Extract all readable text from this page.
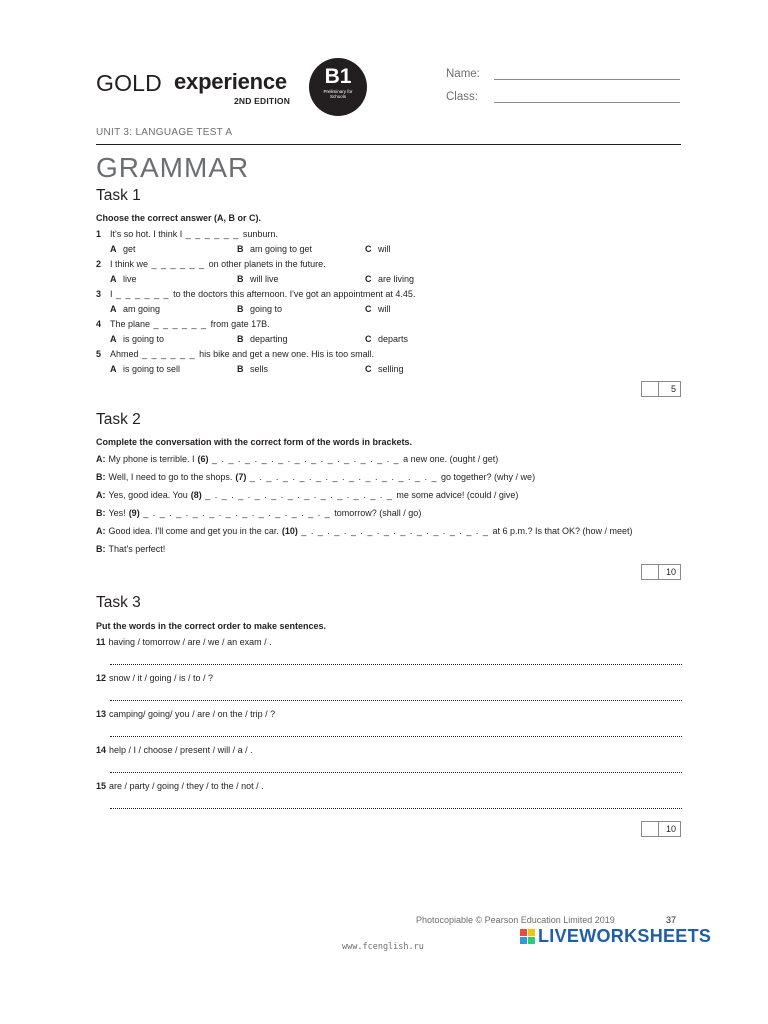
GOLD experience
2ND EDITION
B1
Preliminary for Schools
Name:
Class:
UNIT 3: LANGUAGE TEST A
GRAMMAR
Task 1
Choose the correct answer (A, B or C).
1 It's so hot. I think I _ _ _ _ _ _ sunburn.
A get	B am going to get	C will
2 I think we _ _ _ _ _ _ on other planets in the future.
A live	B will live	C are living
3 I _ _ _ _ _ _ to the doctors this afternoon. I've got an appointment at 4.45.
A am going	B going to	C will
4 The plane _ _ _ _ _ _ from gate 17B.
A is going to	B departing	C departs
5 Ahmed _ _ _ _ _ _ his bike and get a new one. His is too small.
A is going to sell	B sells	C selling
5
Task 2
Complete the conversation with the correct form of the words in brackets.
A: My phone is terrible. I (6) _ . _ . _ . _ . _ . _ . _ . _ . _ . _ . _ . _ a new one. (ought / get)
B: Well, I need to go to the shops. (7) _ . _ . _ . _ . _ . _ . _ . _ . _ . _ . _ . _ go together? (why / we)
A: Yes, good idea. You (8) _ . _ . _ . _ . _ . _ . _ . _ . _ . _ . _ . _ me some advice! (could / give)
B: Yes! (9) _ . _ . _ . _ . _ . _ . _ . _ . _ . _ . _ . _ tomorrow? (shall / go)
A: Good idea. I'll come and get you in the car. (10) _ . _ . _ . _ . _ . _ . _ . _ . _ . _ . _ . _ at 6 p.m.? Is that OK? (how / meet)
B: That's perfect!
10
Task 3
Put the words in the correct order to make sentences.
11 having / tomorrow / are / we / an exam / .
12 snow / it / going / is / to / ?
13 camping/ going/ you / are / on the / trip / ?
14 help / I / choose / present / will / a / .
15 are / party / going / they / to the / not / .
10
Photocopiable © Pearson Education Limited 2019	37
LIVEWORKSHEETS
www.fcenglish.ru
